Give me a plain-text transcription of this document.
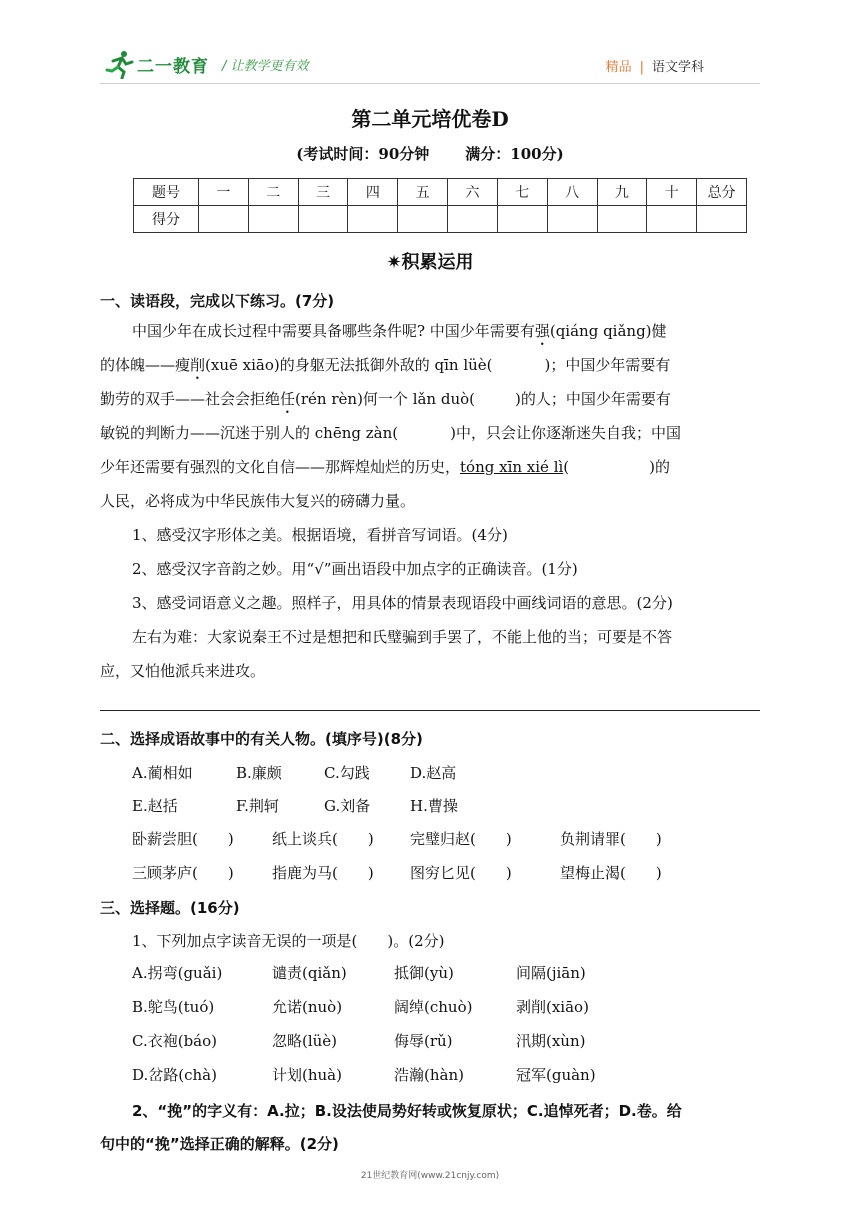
二一教育 / 让教学更有效	精品 | 语文学科
第二单元培优卷D
(考试时间：90分钟 满分：100分)
题号	一	二	三	四	五	六	七	八	九	十	总分
得分											
✷积累运用
一、读语段，完成以下练习。(7分)
中国少年在成长过程中需要具备哪些条件呢? 中国少年需要有强(qiáng qiǎng)健
的体魄——瘦削(xuē xiāo)的身躯无法抵御外敌的 qīn lüè(	)；中国少年需要有
勤劳的双手——社会会拒绝任(rén rèn)何一个 lǎn duò(	)的人；中国少年需要有
敏锐的判断力——沉迷于别人的 chēng zàn(	)中，只会让你逐渐迷失自我；中国
少年还需要有强烈的文化自信——那辉煌灿烂的历史，tóng xīn xié lì(	)的
人民，必将成为中华民族伟大复兴的磅礴力量。
1、感受汉字形体之美。根据语境，看拼音写词语。(4分)
2、感受汉字音韵之妙。用“√”画出语段中加点字的正确读音。(1分)
3、感受词语意义之趣。照样子，用具体的情景表现语段中画线词语的意思。(2分)
左右为难：大家说秦王不过是想把和氏璧骗到手罢了，不能上他的当；可要是不答
应，又怕他派兵来进攻。
二、选择成语故事中的有关人物。(填序号)(8分)
A.蔺相如	B.廉颇	C.勾践	D.赵高
E.赵括	F.荆轲	G.刘备	H.曹操
卧薪尝胆(　　)	纸上谈兵(　　)	完璧归赵(　　)	负荆请罪(　　)
三顾茅庐(　　)	指鹿为马(　　)	图穷匕见(　　)	望梅止渴(　　)
三、选择题。(16分)
1、下列加点字读音无误的一项是(　　)。(2分)
A.拐弯(guǎi)	谴责(qiǎn)	抵御(yù)	间隔(jiān)
B.鸵鸟(tuó)	允诺(nuò)	阔绰(chuò)	剥削(xiāo)
C.衣袍(báo)	忽略(lüè)	侮辱(rǔ)	汛期(xùn)
D.岔路(chà)	计划(huà)	浩瀚(hàn)	冠军(guàn)
2、“挽”的字义有：A.拉；B.设法使局势好转或恢复原状；C.追悼死者；D.卷。给
句中的“挽”选择正确的解释。(2分)
21世纪教育网(www.21cnjy.com)
